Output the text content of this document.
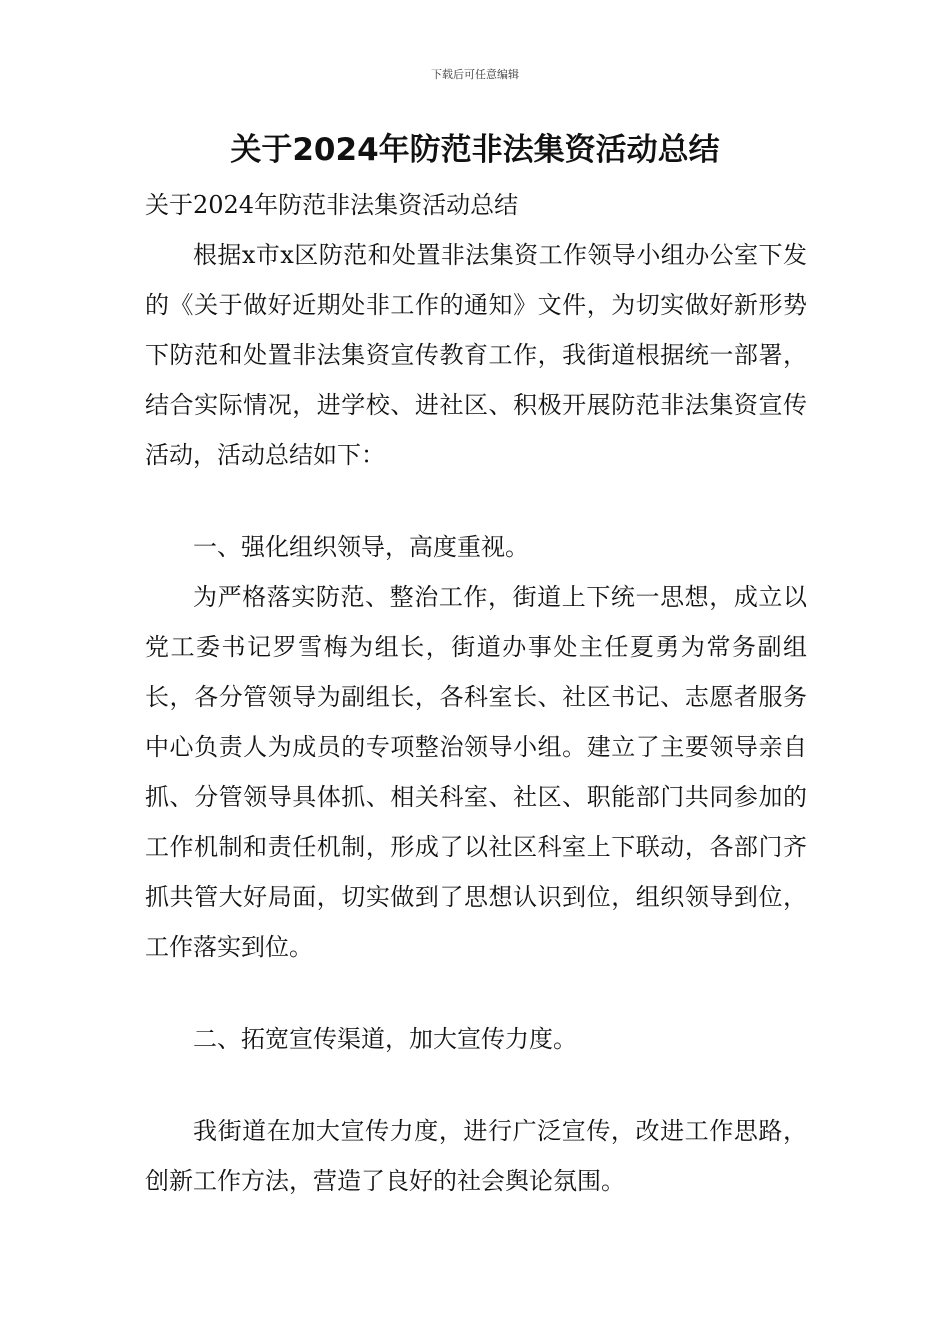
下载后可任意编辑
关于2024年防范非法集资活动总结

关于2024年防范非法集资活动总结

根据x市x区防范和处置非法集资工作领导小组办公室下发的《关于做好近期处非工作的通知》文件，为切实做好新形势下防范和处置非法集资宣传教育工作，我街道根据统一部署，结合实际情况，进学校、进社区、积极开展防范非法集资宣传活动，活动总结如下：

一、强化组织领导，高度重视。

为严格落实防范、整治工作，街道上下统一思想，成立以党工委书记罗雪梅为组长，街道办事处主任夏勇为常务副组长，各分管领导为副组长，各科室长、社区书记、志愿者服务中心负责人为成员的专项整治领导小组。建立了主要领导亲自抓、分管领导具体抓、相关科室、社区、职能部门共同参加的工作机制和责任机制，形成了以社区科室上下联动，各部门齐抓共管大好局面，切实做到了思想认识到位，组织领导到位，工作落实到位。

二、拓宽宣传渠道，加大宣传力度。

我街道在加大宣传力度，进行广泛宣传，改进工作思路，创新工作方法，营造了良好的社会舆论氛围。
